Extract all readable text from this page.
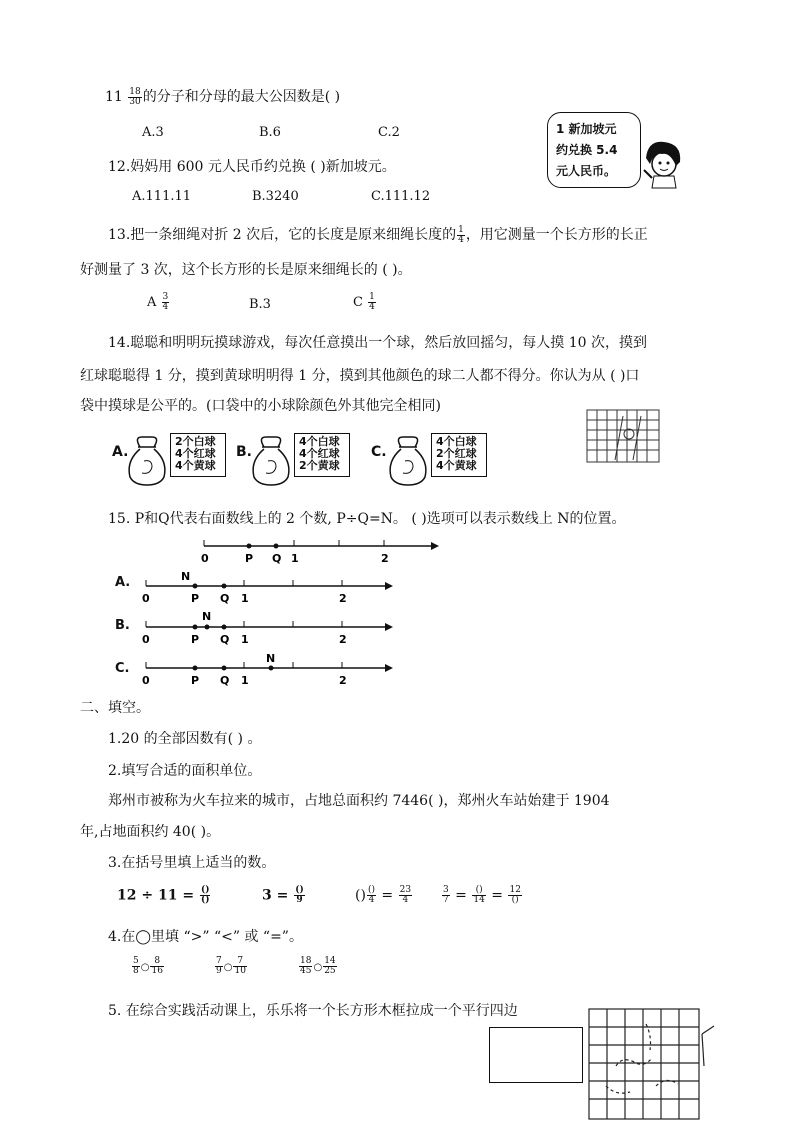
$11 \frac{18}{30}$ 的分子和分母的最大公因数是( )
A.3	B.6	C.2	1 新加坡元
约兑换 5.4
元人民币。
12.妈妈用 600 元人民币约兑换 ( )新加坡元。
A.111.11	B.3240	C.111.12
13.把一条细绳对折 2 次后，它的长度是原来细绳长度的 $\frac{1}{4}$ ，用它测量一个长方形的长正
好测量了 3 次，这个长方形的长是原来细绳长的 ( )。
A $\frac{3}{4}$	B.3	C $\frac{1}{4}$
14.聪聪和明明玩摸球游戏，每次任意摸出一个球，然后放回摇匀，每人摸 10 次，摸到
红球聪聪得 1 分，摸到黄球明明得 1 分，摸到其他颜色的球二人都不得分。你认为从 ( )口
袋中摸球是公平的。(口袋中的小球除颜色外其他完全相同)
A.
2个白球
4个红球
4个黄球
B.
4个白球
4个红球
2个黄球
C.
4个白球
2个红球
4个黄球
15. P和Q代表右面数线上的 2 个数, P÷Q=N。 ( )选项可以表示数线上 N的位置。
0	P Q 1	2
A.	N
0	P Q 1	2
B.
N
0	P Q 1	2
C.
N
0	P Q 1	2
二、填空。
1.20 的全部因数有( ) 。
2.填写合适的面积单位。
郑州市被称为火车拉来的城市，占地总面积约 7446( )，郑州火车站始建于 1904
年,占地面积约 40( )。
3.在括号里填上适当的数。
$12 \div 11 = \frac{()}{()}$	$3 = \frac{()}{9}$	() $\frac{()}{4} = \frac{23}{4}$	$\frac{3}{7} = \frac{()}{14} = \frac{12}{()}$
4.在◯里填 “>” “<” 或 “=”。
$\frac{5}{8}$ ○ $\frac{8}{16}$	$\frac{7}{9}$ ○ $\frac{7}{10}$	$\frac{18}{45}$ ○ $\frac{14}{25}$
5. 在综合实践活动课上，乐乐将一个长方形木框拉成一个平行四边
